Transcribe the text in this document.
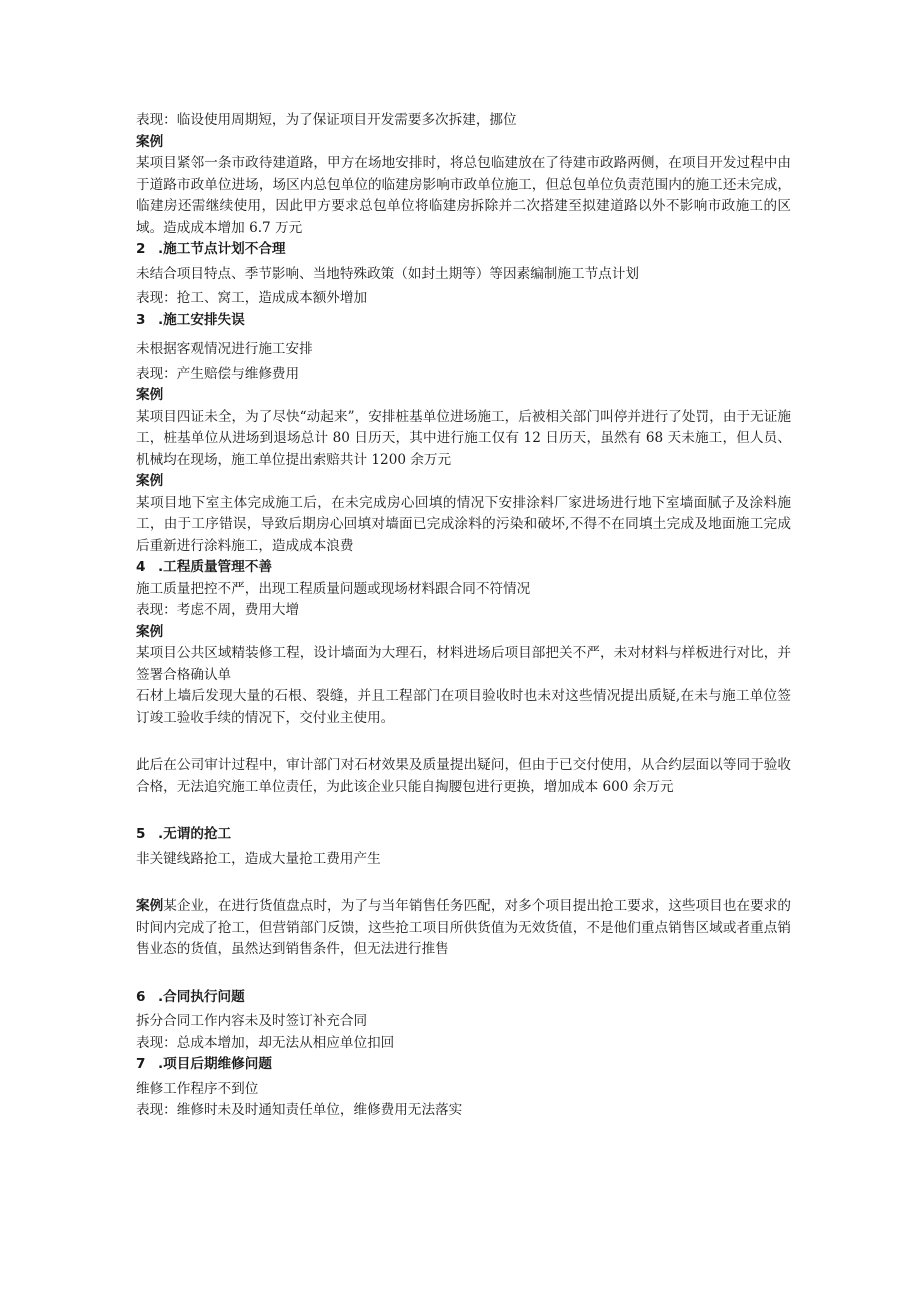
表现：临设使用周期短，为了保证项目开发需要多次拆建，挪位

案例

某项目紧邻一条市政待建道路，甲方在场地安排时，将总包临建放在了待建市政路两侧，在项目开发过程中由于道路市政单位进场，场区内总包单位的临建房影响市政单位施工，但总包单位负责范围内的施工还未完成，临建房还需继续使用，因此甲方要求总包单位将临建房拆除并二次搭建至拟建道路以外不影响市政施工的区域。造成成本增加 6.7 万元

2 .施工节点计划不合理

未结合项目特点、季节影响、当地特殊政策（如封土期等）等因素编制施工节点计划

表现：抢工、窝工，造成成本额外增加

3 .施工安排失误

未根据客观情况进行施工安排

表现：产生赔偿与维修费用

案例

某项目四证未全，为了尽快“动起来”，安排桩基单位进场施工，后被相关部门叫停并进行了处罚，由于无证施工，桩基单位从进场到退场总计 80 日历天，其中进行施工仅有 12 日历天，虽然有 68 天未施工，但人员、机械均在现场，施工单位提出索赔共计 1200 余万元

案例

某项目地下室主体完成施工后，在未完成房心回填的情况下安排涂料厂家进场进行地下室墙面腻子及涂料施工，由于工序错误，导致后期房心回填对墙面已完成涂料的污染和破坏,不得不在同填土完成及地面施工完成后重新进行涂料施工，造成成本浪费

4 .工程质量管理不善

施工质量把控不严，出现工程质量问题或现场材料跟合同不符情况

表现：考虑不周，费用大增

案例

某项目公共区域精装修工程，设计墙面为大理石，材料进场后项目部把关不严，未对材料与样板进行对比，并签署合格确认单

石材上墙后发现大量的石根、裂缝，并且工程部门在项目验收时也未对这些情况提出质疑,在未与施工单位签订竣工验收手续的情况下，交付业主使用。

此后在公司审计过程中，审计部门对石材效果及质量提出疑问，但由于已交付使用，从合约层面以等同于验收合格，无法追究施工单位责任，为此该企业只能自掏腰包进行更换，增加成本 600 余万元

5 .无谓的抢工

非关键线路抢工，造成大量抢工费用产生

案例某企业，在进行货值盘点时，为了与当年销售任务匹配，对多个项目提出抢工要求，这些项目也在要求的时间内完成了抢工，但营销部门反馈，这些抢工项目所供货值为无效货值，不是他们重点销售区域或者重点销售业态的货值，虽然达到销售条件，但无法进行推售

6 .合同执行问题

拆分合同工作内容未及时签订补充合同

表现：总成本增加，却无法从相应单位扣回

7 .项目后期维修问题

维修工作程序不到位

表现：维修时未及时通知责任单位，维修费用无法落实
